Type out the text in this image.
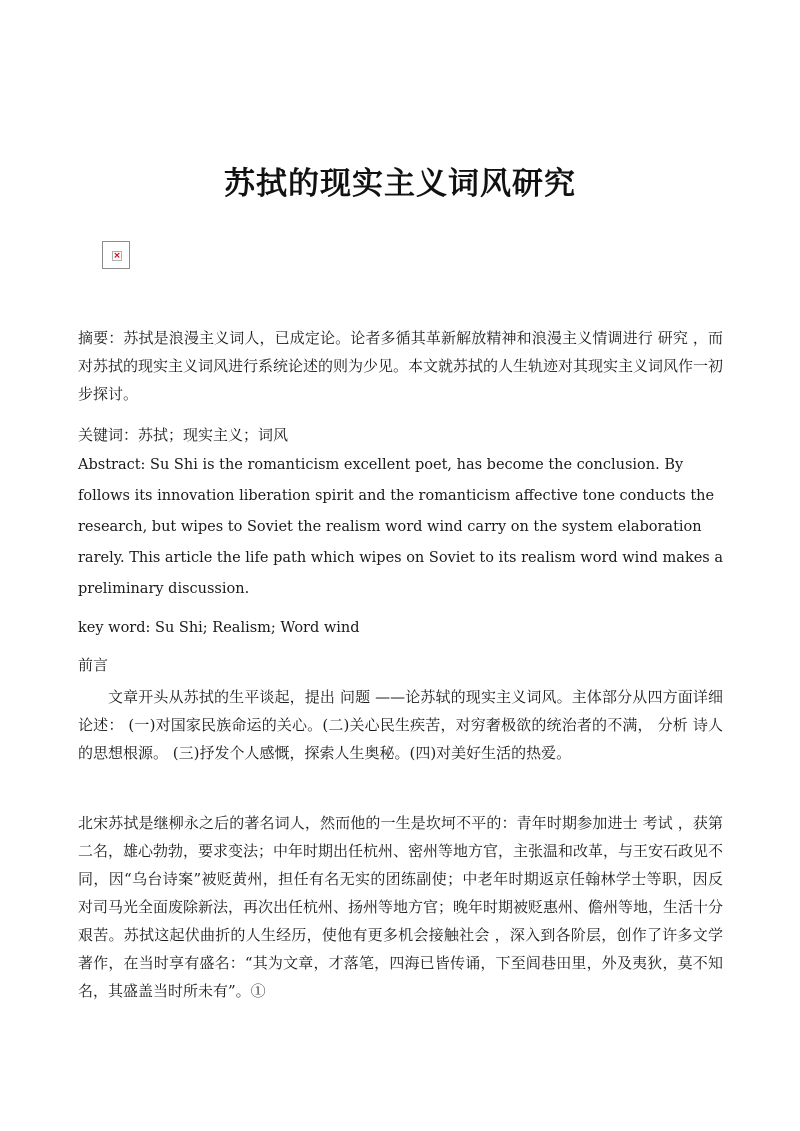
苏拭的现实主义词风研究
×

摘要：苏拭是浪漫主义词人，已成定论。论者多循其革新解放精神和浪漫主义情调进行 研究 ，而对苏拭的现实主义词风进行系统论述的则为少见。本文就苏拭的人生轨迹对其现实主义词风作一初步探讨。

关键词：苏拭；现实主义；词风

Abstract: Su Shi is the romanticism excellent poet, has become the conclusion. By follows its innovation liberation spirit and the romanticism affective tone conducts the research, but wipes to Soviet the realism word wind carry on the system elaboration rarely. This article the life path which wipes on Soviet to its realism word wind makes a preliminary discussion.

key word: Su Shi; Realism; Word wind

前言

文章开头从苏拭的生平谈起，提出 问题 ——论苏轼的现实主义词风。主体部分从四方面详细论述： (一)对国家民族命运的关心。(二)关心民生疾苦，对穷奢极欲的统治者的不满， 分析 诗人的思想根源。 (三)抒发个人感慨，探索人生奥秘。(四)对美好生活的热爱。

北宋苏拭是继柳永之后的著名词人，然而他的一生是坎坷不平的：青年时期参加进士 考试 ，获第二名，雄心勃勃，要求变法；中年时期出任杭州、密州等地方官，主张温和改革，与王安石政见不同，因“乌台诗案”被贬黄州，担任有名无实的团练副使；中老年时期返京任翰林学士等职，因反对司马光全面废除新法，再次出任杭州、扬州等地方官；晚年时期被贬惠州、儋州等地，生活十分艰苦。苏拭这起伏曲折的人生经历，使他有更多机会接触社会 ，深入到各阶层，创作了许多文学著作，在当时享有盛名：“其为文章，才落笔，四海已皆传诵，下至闾巷田里，外及夷狄，莫不知名，其盛盖当时所未有”。①
